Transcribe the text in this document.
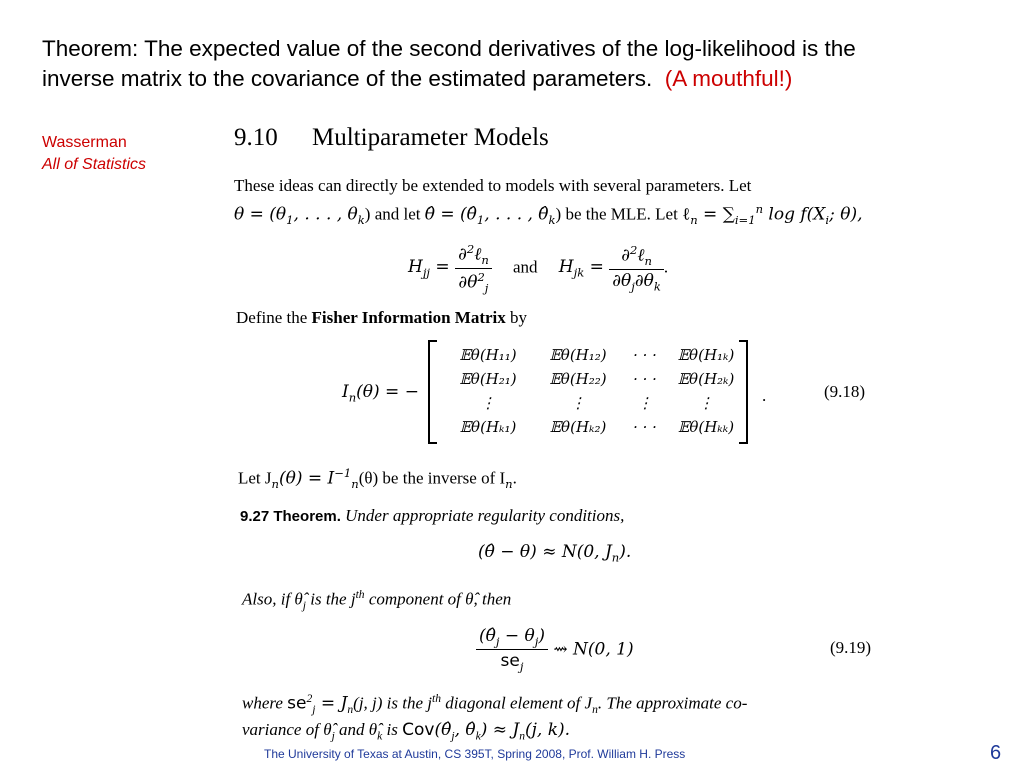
Theorem: The expected value of the second derivatives of the log-likelihood is the
inverse matrix to the covariance of the estimated parameters. (A mouthful!)
Wasserman
All of Statistics
9.10 Multiparameter Models
These ideas can directly be extended to models with several parameters. Let
$\theta = (\theta_1$, . . . , $\theta_k$) and let θ̂ = ($\thetâ_1$, . . . , $\thetâ_k$) be the MLE. Let ℓ$_n$ = $\sum_{i=1}^n$ $\log f(X_i$; θ),
$H_{jj} = \frac{\partial^2\ell_n}{\partial\theta^2_j}$ and $H_{jk} = \frac{\partial^2\ell_n}{\partial\theta_j\partial\theta_k}$ .
Define the Fisher Information Matrix by
$I_n(\theta)$ = −
𝔼θ(H₁₁)	𝔼θ(H₁₂)	· · ·	𝔼θ(H₁ₖ)
𝔼θ(H₂₁)	𝔼θ(H₂₂)	· · ·	𝔼θ(H₂ₖ)
⋮	⋮	⋮	⋮
𝔼θ(Hₖ₁)	𝔼θ(Hₖ₂)	· · ·	𝔼θ(Hₖₖ)
.	(9.18)
Let $J_n(\theta) = I^{-1}_n(\theta)$ be the inverse of $I_n$.
9.27 Theorem. Under appropriate regularity conditions,
(θ̂ − θ) ≈ N(0, $J_n$).
Also, if $\thetâ_j$ is the $j^{th}$ component of θ̂, then
$\frac{(\thetâ_j - \theta_j)}{se_j}$ ⇝ N(0, 1)	(9.19)
where $se^2_j = J_n(j$, j) is the $j^{th}$ diagonal element of $J_n$. The approximate co-
variance of $\thetâ_j$ and $\thetâ_k$ is $Cov(\thetâ_j$, $\thetâ_k) \approx J_n(j$, k).
The University of Texas at Austin, CS 395T, Spring 2008, Prof. William H. Press	6
